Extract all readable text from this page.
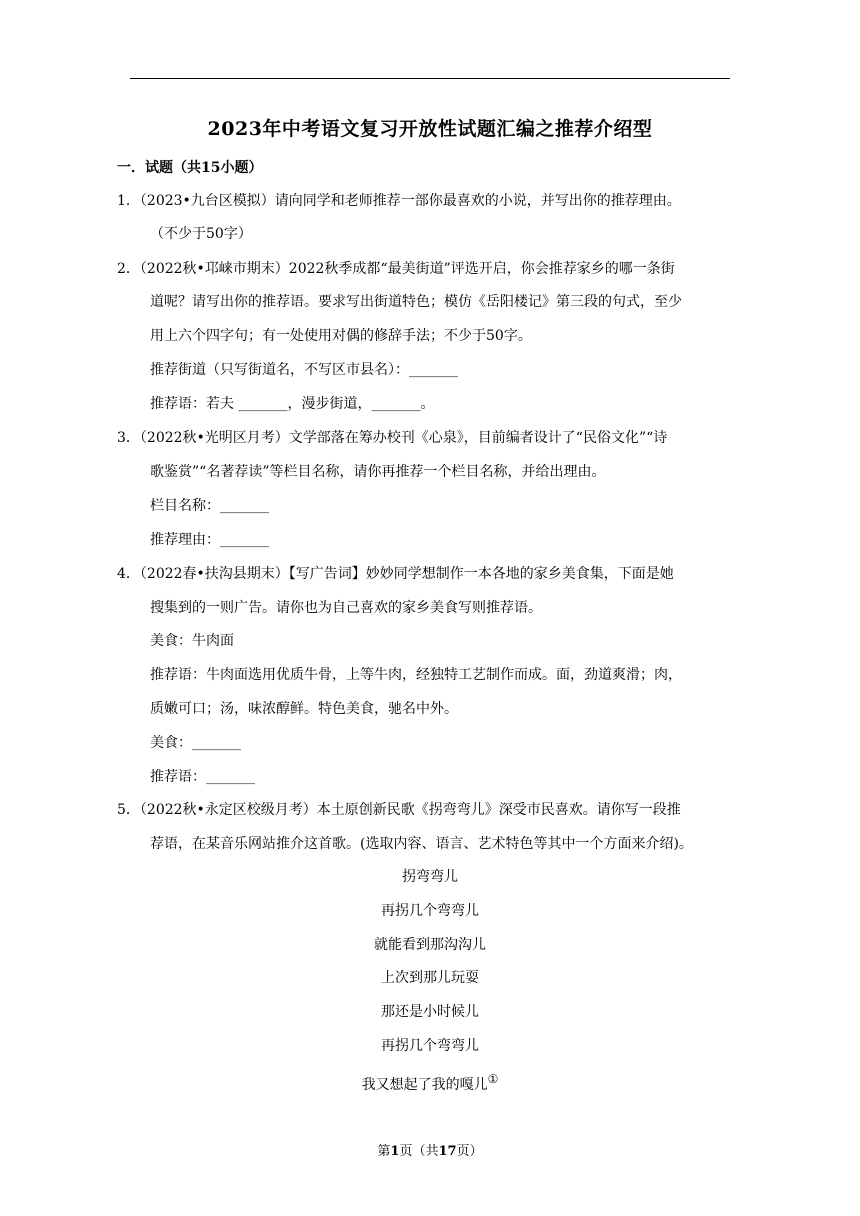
2023年中考语文复习开放性试题汇编之推荐介绍型
一．试题（共15小题）
1．（2023•九台区模拟）请向同学和老师推荐一部你最喜欢的小说，并写出你的推荐理由。
（不少于50字）
2．（2022秋•邛崃市期末）2022秋季成都“最美街道”评选开启，你会推荐家乡的哪一条街
道呢？请写出你的推荐语。要求写出街道特色；模仿《岳阳楼记》第三段的句式，至少
用上六个四字句；有一处使用对偶的修辞手法；不少于50字。
推荐街道（只写街道名，不写区市县名）：_______
推荐语：若夫 _______，漫步街道，_______。
3．（2022秋•光明区月考）文学部落在筹办校刊《心泉》，目前编者设计了“民俗文化”“诗
歌鉴赏”“名著荐读”等栏目名称，请你再推荐一个栏目名称，并给出理由。
栏目名称：_______
推荐理由：_______
4．（2022春•扶沟县期末）【写广告词】妙妙同学想制作一本各地的家乡美食集，下面是她
搜集到的一则广告。请你也为自己喜欢的家乡美食写则推荐语。
美食：牛肉面
推荐语：牛肉面选用优质牛骨，上等牛肉，经独特工艺制作而成。面，劲道爽滑；肉，
质嫩可口；汤，味浓醇鲜。特色美食，驰名中外。
美食：_______
推荐语：_______
5．（2022秋•永定区校级月考）本土原创新民歌《拐弯弯儿》深受市民喜欢。请你写一段推
荐语，在某音乐网站推介这首歌。(选取内容、语言、艺术特色等其中一个方面来介绍)。
拐弯弯儿
再拐几个弯弯儿
就能看到那沟沟儿
上次到那儿玩耍
那还是小时候儿
再拐几个弯弯儿
我又想起了我的嘎儿①
第1页（共17页）
